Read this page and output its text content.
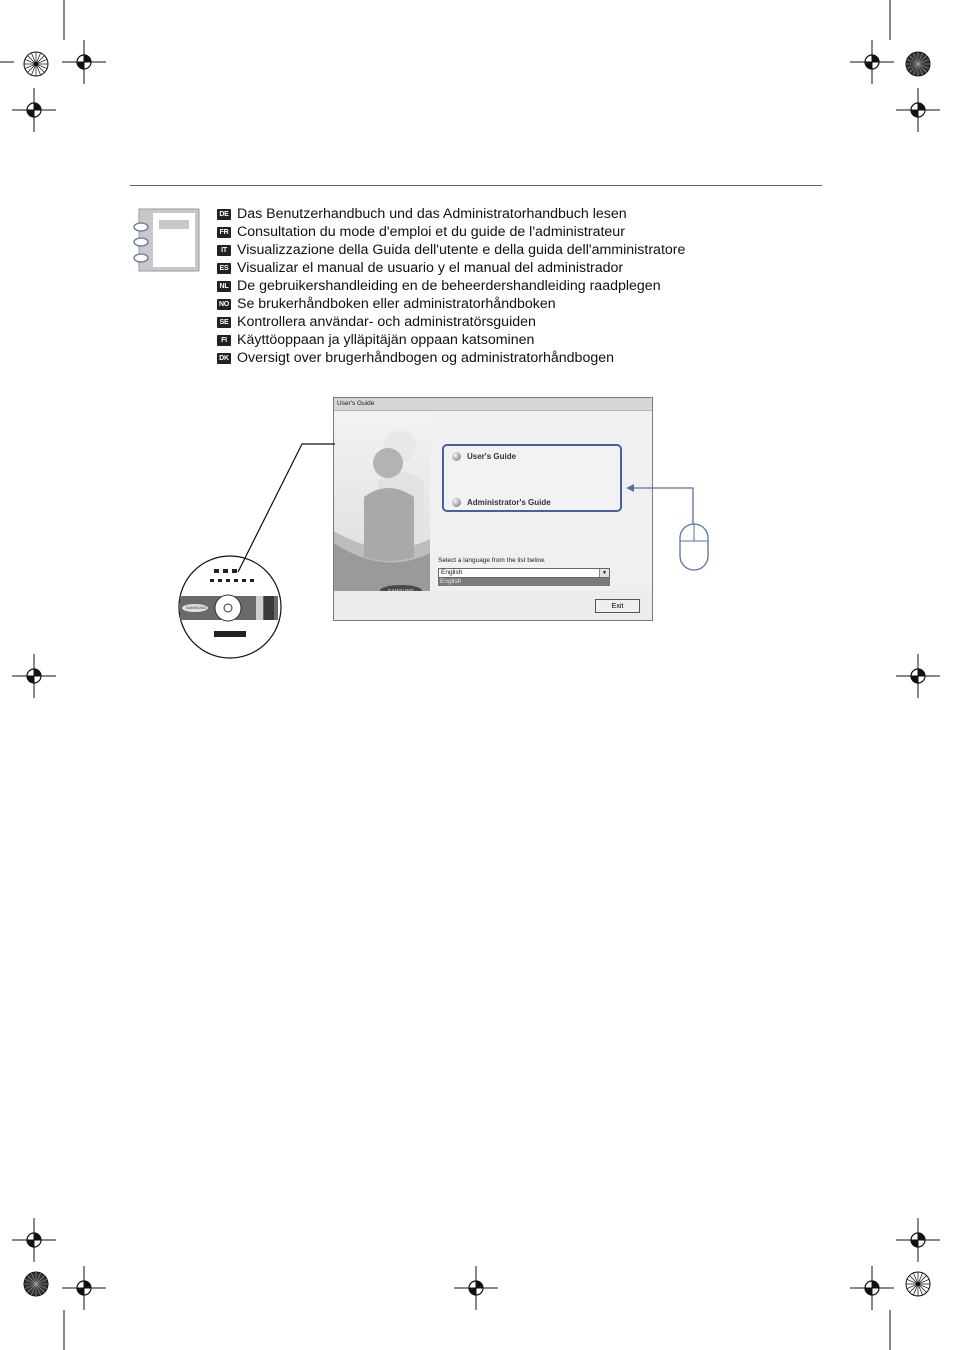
DE Das Benutzerhandbuch und das Administratorhandbuch lesen
FR Consultation du mode d'emploi et du guide de l'administrateur
IT Visualizzazione della Guida dell'utente e della guida dell'amministratore
ES Visualizar el manual de usuario y el manual del administrador
NL De gebruikershandleiding en de beheerdershandleiding raadplegen
NO Se brukerhåndboken eller administratorhåndboken
SE Kontrollera användar- och administratörsguiden
FI Käyttöoppaan ja ylläpitäjän oppaan katsominen
DK Oversigt over brugerhåndbogen og administratorhåndbogen
User's Guide
SAMSUNG
User's Guide
Administrator's Guide
Select a language from the list below.
English	▼
English
Exit
SAMSUNG
